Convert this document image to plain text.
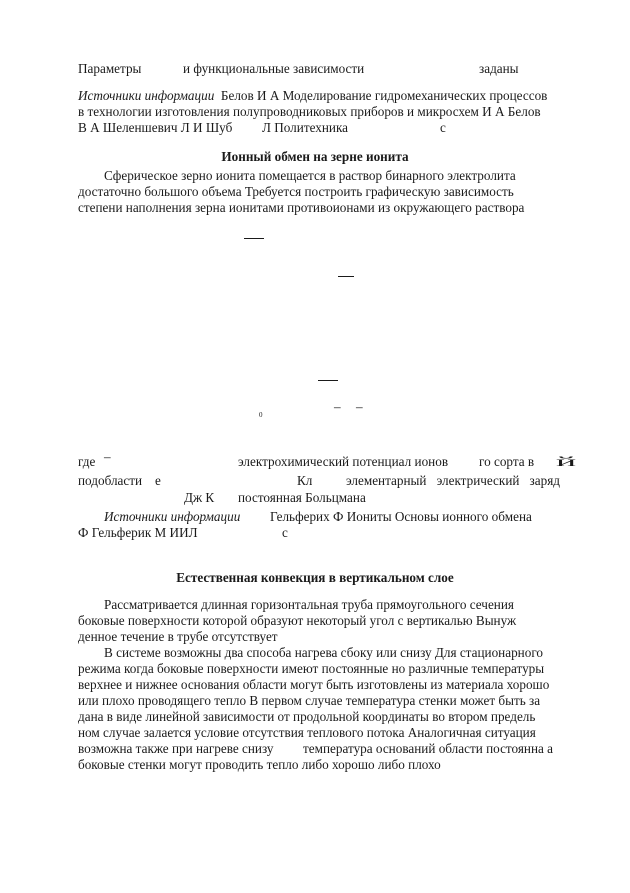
Параметры	и функциональные зависимости	заданы
Источники информации Белов И А Моделирование гидромеханических процессов
в технологии изготовления полупроводниковых приборов и микросхем И А Белов
В А Шеленшевич Л И Шуб Л Политехника	с
Ионный обмен на зерне ионита
Сферическое зерно ионита помещается в раствор бинарного электролита
достаточно большого объема Требуется построить графическую зависимость
степени наполнения зерна ионитами противоионами из окружающего раствора
– –
0
где –	электрохимический потенциал ионов го сорта в й
подобласти е	Кл	элементарный электрический заряд
Дж К постоянная Больцмана
Источники информации Гельферих Ф Иониты Основы ионного обмена
Ф Гельферик М ИИЛ	с
Естественная конвекция в вертикальном слое
Рассматривается длинная горизонтальная труба прямоугольного сечения
боковые поверхности которой образуют некоторый угол с вертикалью Вынуж
денное течение в трубе отсутствует
В системе возможны два способа нагрева сбоку или снизу Для стационарного
режима когда боковые поверхности имеют постоянные но различные температуры
верхнее и нижнее основания области могут быть изготовлены из материала хорошо
или плохо проводящего тепло В первом случае температура стенки может быть за
дана в виде линейной зависимости от продольной координаты во втором предель
ном случае залается условие отсутствия теплового потока Аналогичная ситуация
возможна также при нагреве снизу температура оснований области постоянна а
боковые стенки могут проводить тепло либо хорошо либо плохо
